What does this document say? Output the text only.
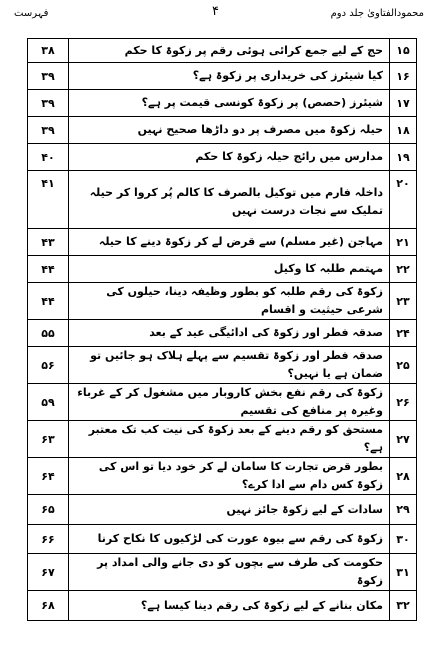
محمودالفتاویٰ جلد دوم
۴
فہرست
۳۸	حج کے لیے جمع کرائی ہوئی رقم پر زکوۃ کا حکم	۱۵
۳۹	کیا شیئرز کی خریداری پر زکوۃ ہے؟	۱۶
۳۹	شیئرز (حصص) پر زکوۃ کونسی قیمت پر ہے؟	۱۷
۳۹	حیلہ زکوۃ میں مصرف پر دو داڑھا صحیح نہیں	۱۸
۴۰	مدارس میں رائج حیلہ زکوۃ کا حکم	۱۹
۴۱	داخلہ فارم میں توکیل بالصرف کا کالم پُر کروا کر حیلہ تملیک سے نجات درست نہیں	۲۰
۴۳	مہاجن (غیر مسلم) سے قرض لے کر زکوۃ دینے کا حیلہ	۲۱
۴۴	مہتمم طلبہ کا وکیل	۲۲
۴۴	زکوۃ کی رقم طلبہ کو بطور وظیفہ دینا، حیلوں کی شرعی حیثیت و اقسام	۲۳
۵۵	صدقہ فطر اور زکوۃ کی ادائیگی عید کے بعد	۲۴
۵۶	صدقہ فطر اور زکوۃ تقسیم سے پہلے ہلاک ہو جائیں تو ضمان ہے یا نہیں؟	۲۵
۵۹	زکوۃ کی رقم نفع بخش کاروبار میں مشغول کر کے غرباء وغیرہ پر منافع کی تقسیم	۲۶
۶۳	مستحق کو رقم دینے کے بعد زکوۃ کی نیت کب تک معتبر ہے؟	۲۷
۶۴	بطور قرض تجارت کا سامان لے کر خود دیا تو اس کی زکوۃ کس دام سے ادا کرے؟	۲۸
۶۵	سادات کے لیے زکوۃ جائز نہیں	۲۹
۶۶	زکوۃ کی رقم سے بیوہ عورت کی لڑکیوں کا نکاح کرنا	۳۰
۶۷	حکومت کی طرف سے بچوں کو دی جانے والی امداد پر زکوۃ	۳۱
۶۸	مکان بنانے کے لیے زکوۃ کی رقم دینا کیسا ہے؟	۳۲
